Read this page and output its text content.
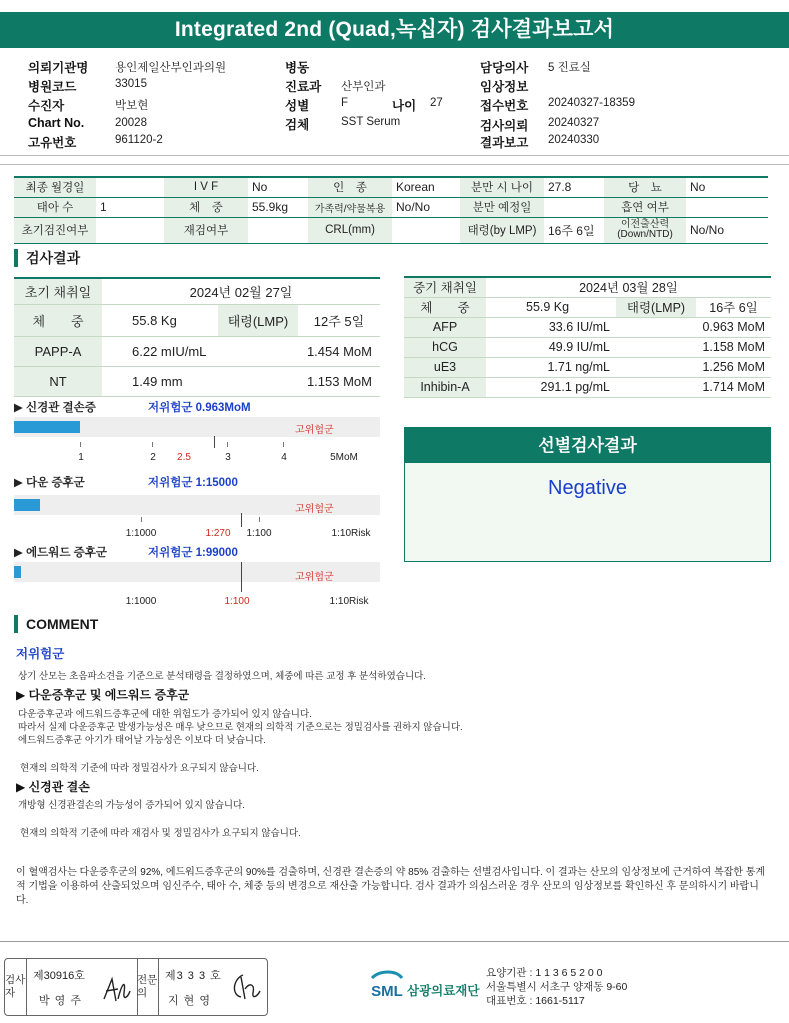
Integrated 2nd (Quad,녹십자) 검사결과보고서
의뢰기관명 용인제일산부인과의원
병원코드	33015
수진자	박보현
Chart No.	20028
고유번호	961120-2
병동
진료과 산부인과
성별	F	나이 27
검체	SST Serum
담당의사 5 진료실
임상정보
접수번호 20240327-18359
검사의뢰 20240327
결과보고 20240330
최종 월경일		I V F	No	인　종	Korean	분만 시 나이	27.8	당　뇨	No
태아 수	1	체　중	55.9kg	가족력/약물복용	No/No	분만 예정일		흡연 여부	
초기검진여부		재검여부		CRL(mm)		태령(by LMP)	16주 6일	이전출산력 (Down/NTD)	No/No
검사결과
초기 채취일	2024년 02월 27일		
체　　중	55.8 Kg	태령(LMP)	12주 5일
PAPP-A	6.22 mIU/mL	1.454 MoM	
NT	1.49 mm	1.153 MoM	
중기 채취일	2024년 03월 28일		
체　　중	55.9 Kg	태령(LMP)	16주 6일
AFP	33.6 IU/mL	0.963 MoM	
hCG	49.9 IU/mL	1.158 MoM	
uE3	1.71 ng/mL	1.256 MoM	
Inhibin-A	291.1 pg/mL	1.714 MoM	
▶ 신경관 결손증	저위험군 0.963MoM
고위험군
1	2 2.5	3	4	5MoM
▶ 다운 증후군	저위험군 1:15000
고위험군
1:1000	1:270 1:100	1:10Risk
▶ 에드워드 증후군	저위험군 1:99000
고위험군
1:1000	1:100	1:10Risk
선별검사결과
Negative
COMMENT
저위험군
상기 산모는 초음파소견을 기준으로 분석태령을 결정하였으며, 체중에 따른 교정 후 분석하였습니다.
▶ 다운증후군 및 에드워드 증후군
다운증후군과 에드워드증후군에 대한 위험도가 증가되어 있지 않습니다.
따라서 실제 다운증후군 발생가능성은 매우 낮으므로 현재의 의학적 기준으로는 정밀검사를 권하지 않습니다.
에드워드증후군 아기가 태어날 가능성은 이보다 더 낮습니다.
현재의 의학적 기준에 따라 정밀검사가 요구되지 않습니다.
▶ 신경관 결손
개방형 신경관결손의 가능성이 증가되어 있지 않습니다.
현재의 의학적 기준에 따라 재검사 및 정밀검사가 요구되지 않습니다.
이 혈액검사는 다운증후군의 92%, 에드워드증후군의 90%를 검출하며, 신경관 결손증의 약 85% 검출하는 선별검사입니다. 이 결과는 산모의 임상정보에 근거하여 복잡한 통계적 기법을 이용하여 산출되었으며 임신주수, 태아 수, 체중 등의 변경으로 재산출 가능합니다. 검사 결과가 의심스러운 경우 산모의 임상정보를 확인하신 후 문의하시기 바랍니다.
검사자
제30916호
박 영 주
전문의
제3 3 3 호
지 현 영
SML 삼광의료재단
요양기관 : 1 1 3 6 5 2 0 0
서울특별시 서초구 양재동 9-60
대표번호 : 1661-5117
